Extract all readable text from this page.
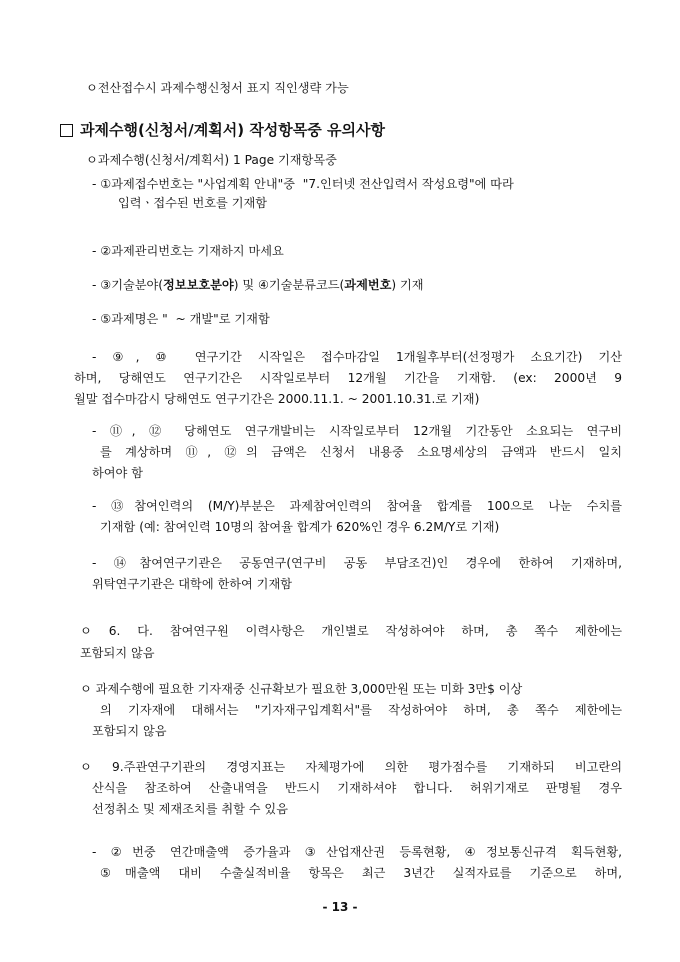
ㅇ전산접수시 과제수행신청서 표지 직인생략 가능
과제수행(신청서/계획서) 작성항목중 유의사항
ㅇ과제수행(신청서/계획서) 1 Page 기재항목중
- ①과제접수번호는 "사업계획 안내"중  "7.인터넷 전산입력서 작성요령"에 따라
입력ㆍ접수된 번호를 기재함
- ②과제관리번호는 기재하지 마세요
- ③기술분야(정보보호분야) 및 ④기술분류코드(과제번호) 기재
- ⑤과제명은 "  ~ 개발"로 기재함
- ⑨, ⑩ 연구기간 시작일은 접수마감일 1개월후부터(선정평가 소요기간) 기산
하며, 당해연도 연구기간은 시작일로부터 12개월 기간을 기재함. (ex: 2000년 9
월말 접수마감시 당해연도 연구기간은 2000.11.1. ~ 2001.10.31.로 기재)
- ⑪, ⑫ 당해연도 연구개발비는 시작일로부터 12개월 기간동안 소요되는 연구비
를 계상하며 ⑪, ⑫의 금액은 신청서 내용중 소요명세상의 금액과 반드시 일치
하여야 함
- ⑬참여인력의 (M/Y)부분은 과제참여인력의 참여율 합계를 100으로 나눈 수치를
기재함 (예: 참여인력 10명의 참여율 합계가 620%인 경우 6.2M/Y로 기재)
- ⑭참여연구기관은 공동연구(연구비 공동 부담조건)인 경우에 한하여 기재하며,
위탁연구기관은 대학에 한하여 기재함
ㅇ 6. 다. 참여연구원 이력사항은 개인별로 작성하여야 하며, 총 쪽수 제한에는
포함되지 않음
ㅇ 과제수행에 필요한 기자재중 신규확보가 필요한 3,000만원 또는 미화 3만$ 이상
의 기자재에 대해서는 "기자재구입계획서"를 작성하여야 하며, 총 쪽수 제한에는
포함되지 않음
ㅇ 9.주관연구기관의 경영지표는 자체평가에 의한 평가점수를 기재하되 비고란의
산식을 참조하여 산출내역을 반드시 기재하셔야 합니다. 허위기재로 판명될 경우
선정취소 및 제재조치를 취할 수 있음
- ②번중 연간매출액 증가율과 ③산업재산권 등록현황, ④정보통신규격 획득현황,
⑤매출액 대비 수출실적비율 항목은 최근 3년간 실적자료를 기준으로 하며,
- 13 -
